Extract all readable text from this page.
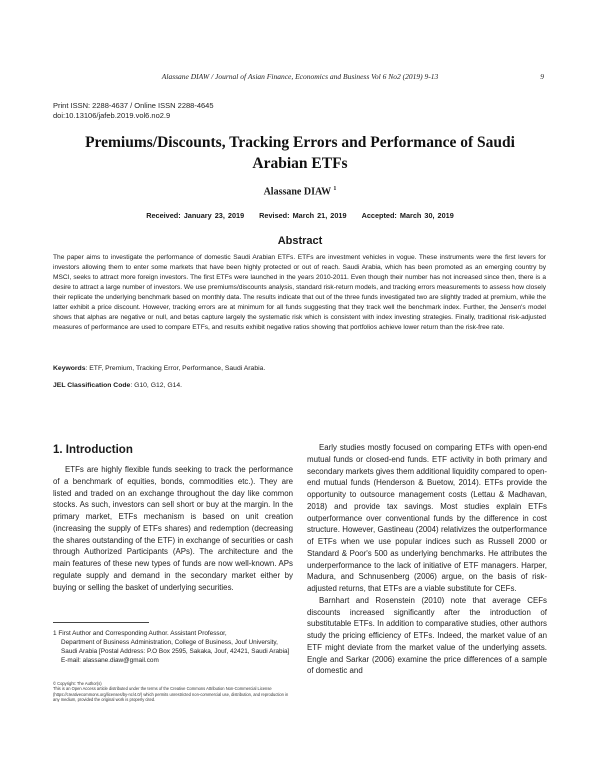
Alassane DIAW / Journal of Asian Finance, Economics and Business Vol 6 No2 (2019) 9-13	9
Print ISSN: 2288-4637 / Online ISSN 2288-4645
doi:10.13106/jafeb.2019.vol6.no2.9
Premiums/Discounts, Tracking Errors and Performance of Saudi Arabian ETFs
Alassane DIAW $^1$
Received: January 23, 2019 Revised: March 21, 2019 Accepted: March 30, 2019
Abstract
The paper aims to investigate the performance of domestic Saudi Arabian ETFs. ETFs are investment vehicles in vogue. These instruments were the first levers for investors allowing them to enter some markets that have been highly protected or out of reach. Saudi Arabia, which has been promoted as an emerging country by MSCI, seeks to attract more foreign investors. The first ETFs were launched in the years 2010-2011. Even though their number has not increased since then, there is a desire to attract a large number of investors. We use premiums/discounts analysis, standard risk-return models, and tracking errors measurements to assess how closely their replicate the underlying benchmark based on monthly data. The results indicate that out of the three funds investigated two are slightly traded at premium, while the latter exhibit a price discount. However, tracking errors are at minimum for all funds suggesting that they track well the benchmark index. Further, the Jensen's model shows that alphas are negative or null, and betas capture largely the systematic risk which is consistent with index investing strategies. Finally, traditional risk-adjusted measures of performance are used to compare ETFs, and results exhibit negative ratios showing that portfolios achieve lower return than the risk-free rate.
Keywords: ETF, Premium, Tracking Error, Performance, Saudi Arabia.
JEL Classification Code: G10, G12, G14.
1. Introduction

ETFs are highly flexible funds seeking to track the performance of a benchmark of equities, bonds, commodities etc.). They are listed and traded on an exchange throughout the day like common stocks. As such, investors can sell short or buy at the margin. In the primary market, ETFs mechanism is based on unit creation (increasing the supply of ETFs shares) and redemption (decreasing the shares outstanding of the ETF) in exchange of securities or cash through Authorized Participants (APs). The architecture and the main features of these new types of funds are now well-known. APs regulate supply and demand in the secondary market either by buying or selling the basket of underlying securities.

Early studies mostly focused on comparing ETFs with open-end mutual funds or closed-end funds. ETF activity in both primary and secondary markets gives them additional liquidity compared to open-end mutual funds (Henderson & Buetow, 2014). ETFs provide the opportunity to outsource management costs (Lettau & Madhavan, 2018) and provide tax savings. Most studies explain ETFs outperformance over conventional funds by the difference in cost structure. However, Gastineau (2004) relativizes the outperformance of ETFs when we use popular indices such as Russell 2000 or Standard & Poor's 500 as underlying benchmarks. He attributes the underperformance to the lack of initiative of ETF managers. Harper, Madura, and Schnusenberg (2006) argue, on the basis of risk-adjusted returns, that ETFs are a viable substitute for CEFs.

Barnhart and Rosenstein (2010) note that average CEFs discounts increased significantly after the introduction of substitutable ETFs. In addition to comparative studies, other authors study the pricing efficiency of ETFs. Indeed, the market value of an ETF might deviate from the market value of the underlying assets. Engle and Sarkar (2006) examine the price differences of a sample of domestic and

1 First Author and Corresponding Author. Assistant Professor,
Department of Business Administration, College of Business, Jouf University, Saudi Arabia [Postal Address: P.O Box 2595, Sakaka, Jouf, 42421, Saudi Arabia] E-mail: alassane.diaw@gmail.com
© Copyright: The Author(s)
This is an Open Access article distributed under the terms of the Creative Commons Attribution Non-Commercial License (https://creativecommons.org/licenses/by-nc/4.0/) which permits unrestricted non-commercial use, distribution, and reproduction in any medium, provided the original work is properly cited.
